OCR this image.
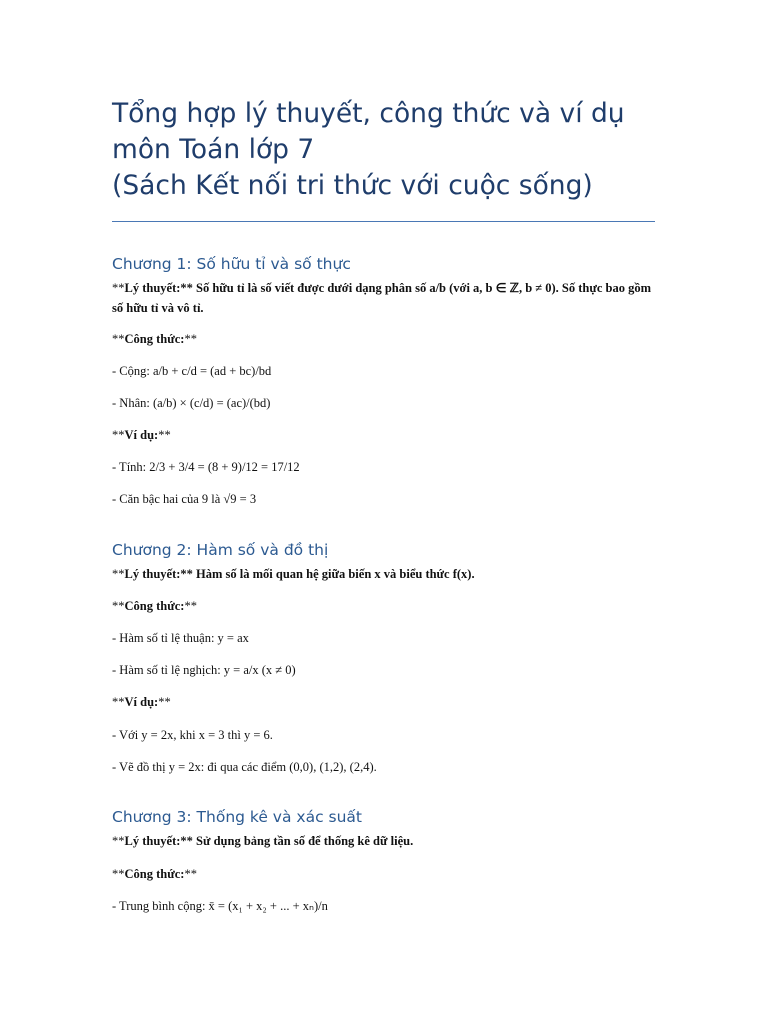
Tổng hợp lý thuyết, công thức và ví dụ
môn Toán lớp 7
(Sách Kết nối tri thức với cuộc sống)
Chương 1: Số hữu tỉ và số thực
**Lý thuyết:** Số hữu tỉ là số viết được dưới dạng phân số a/b (với a, b ∈ ℤ, b ≠ 0). Số thực bao gồm số hữu tỉ và vô tỉ.
**Công thức:**
- Cộng: a/b + c/d = (ad + bc)/bd
- Nhân: (a/b) × (c/d) = (ac)/(bd)
**Ví dụ:**
- Tính: 2/3 + 3/4 = (8 + 9)/12 = 17/12
- Căn bậc hai của 9 là √9 = 3
Chương 2: Hàm số và đồ thị
**Lý thuyết:** Hàm số là mối quan hệ giữa biến x và biểu thức f(x).
**Công thức:**
- Hàm số tỉ lệ thuận: y = ax
- Hàm số tỉ lệ nghịch: y = a/x (x ≠ 0)
**Ví dụ:**
- Với y = 2x, khi x = 3 thì y = 6.
- Vẽ đồ thị y = 2x: đi qua các điểm (0,0), (1,2), (2,4).
Chương 3: Thống kê và xác suất
**Lý thuyết:** Sử dụng bảng tần số để thống kê dữ liệu.
**Công thức:**
- Trung bình cộng: x̄ = (x₁ + x₂ + ... + xₙ)/n
